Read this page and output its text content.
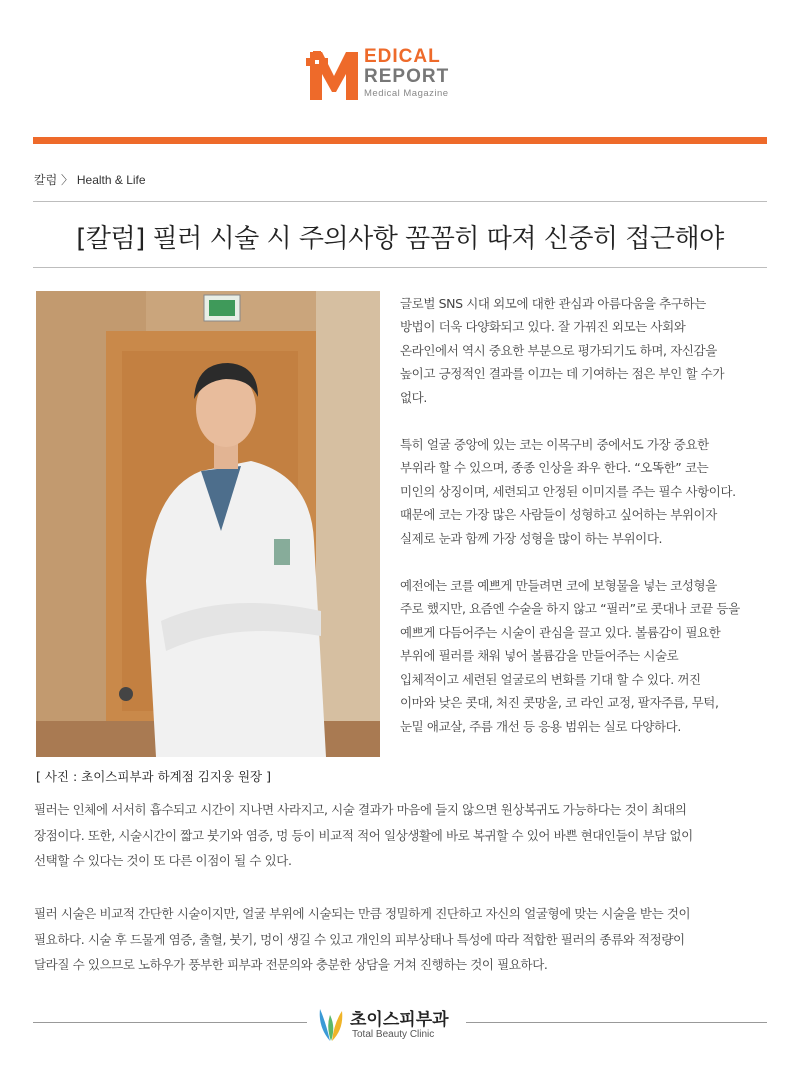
EDICAL
REPORT
Medical Magazine
칼럼 〉 Health & Life
[칼럼] 필러 시술 시 주의사항 꼼꼼히 따져 신중히 접근해야
[ 사진 : 초이스피부과 하계점 김지웅 원장 ]

글로벌 SNS 시대 외모에 대한 관심과 아름다움을 추구하는
방법이 더욱 다양화되고 있다. 잘 가꿔진 외모는 사회와
온라인에서 역시 중요한 부분으로 평가되기도 하며, 자신감을
높이고 긍정적인 결과를 이끄는 데 기여하는 점은 부인 할 수가
없다.

특히 얼굴 중앙에 있는 코는 이목구비 중에서도 가장 중요한
부위라 할 수 있으며, 종종 인상을 좌우 한다. “오똑한” 코는
미인의 상징이며, 세련되고 안정된 이미지를 주는 필수 사항이다.
때문에 코는 가장 많은 사람들이 성형하고 싶어하는 부위이자
실제로 눈과 함께 가장 성형을 많이 하는 부위이다.

예전에는 코를 예쁘게 만들려면 코에 보형물을 넣는 코성형을
주로 했지만, 요즘엔 수술을 하지 않고 “필러”로 콧대나 코끝 등을
예쁘게 다듬어주는 시술이 관심을 끌고 있다. 볼륨감이 필요한
부위에 필러를 채워 넣어 볼륨감을 만들어주는 시술로
입체적이고 세련된 얼굴로의 변화를 기대 할 수 있다. 꺼진
이마와 낮은 콧대, 처진 콧망울, 코 라인 교정, 팔자주름, 무턱,
눈밑 애교살, 주름 개선 등 응용 범위는 실로 다양하다.

필러는 인체에 서서히 흡수되고 시간이 지나면 사라지고, 시술 결과가 마음에 들지 않으면 원상복귀도 가능하다는 것이 최대의
장점이다. 또한, 시술시간이 짧고 붓기와 염증, 멍 등이 비교적 적어 일상생활에 바로 복귀할 수 있어 바쁜 현대인들이 부담 없이
선택할 수 있다는 것이 또 다른 이점이 될 수 있다.

필러 시술은 비교적 간단한 시술이지만, 얼굴 부위에 시술되는 만큼 정밀하게 진단하고 자신의 얼굴형에 맞는 시술을 받는 것이
필요하다. 시술 후 드물게 염증, 출혈, 붓기, 멍이 생길 수 있고 개인의 피부상태나 특성에 따라 적합한 필러의 종류와 적정량이
달라질 수 있으므로 노하우가 풍부한 피부과 전문의와 충분한 상담을 거쳐 진행하는 것이 필요하다.

초이스피부과
Total Beauty Clinic
